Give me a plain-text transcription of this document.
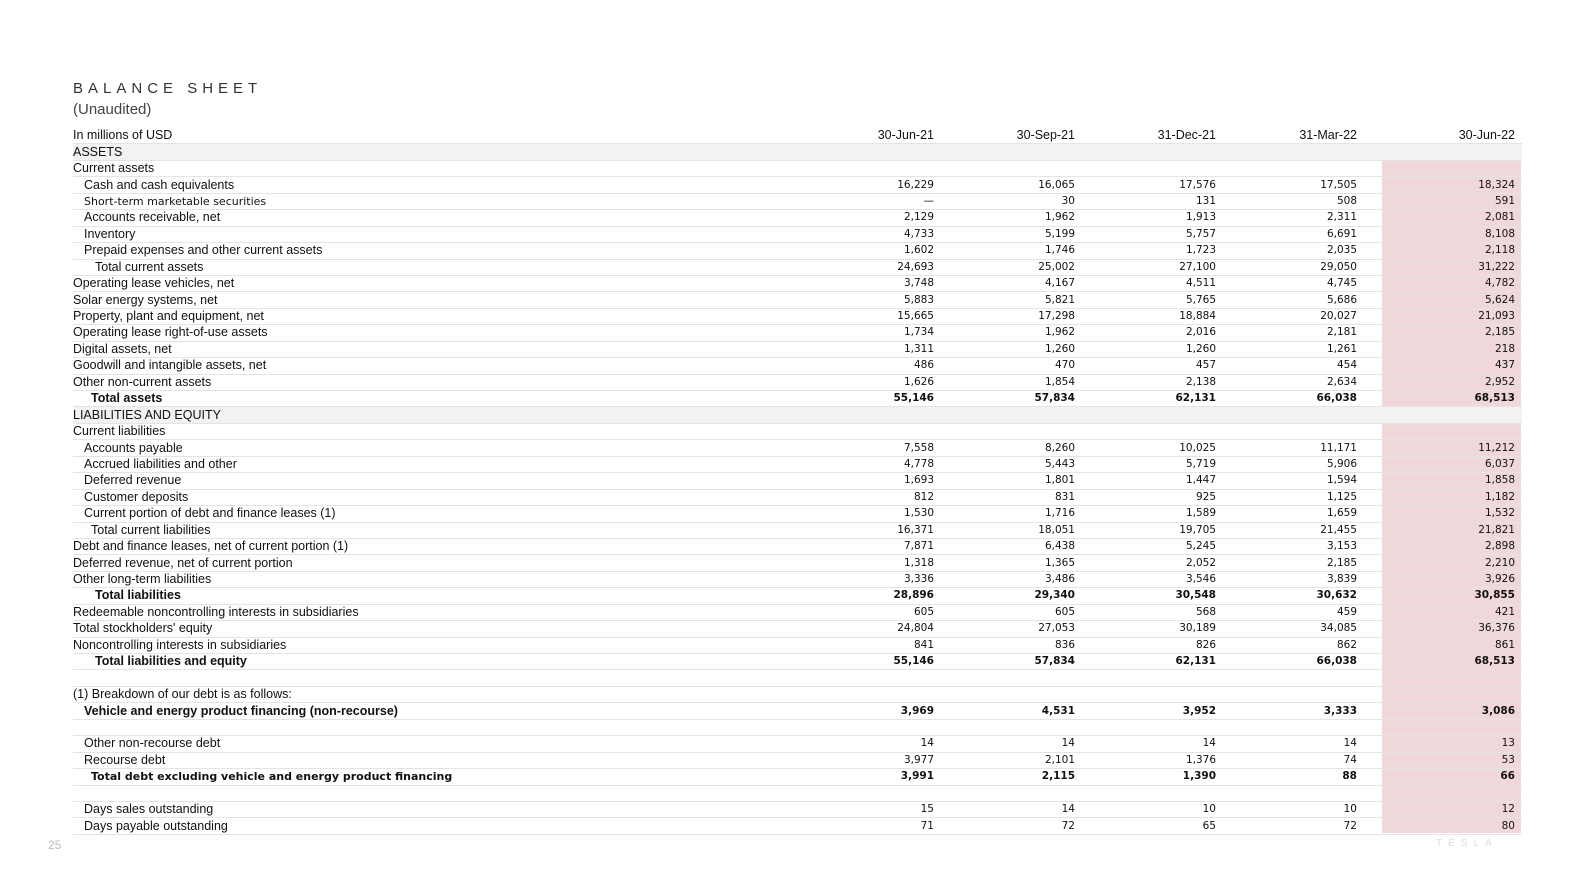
BALANCE SHEET
(Unaudited)
In millions of USD	30-Jun-21	30-Sep-21	31-Dec-21	31-Mar-22	30-Jun-22
ASSETS					
Current assets					
Cash and cash equivalents	16,229	16,065	17,576	17,505	18,324
Short-term marketable securities	—	30	131	508	591
Accounts receivable, net	2,129	1,962	1,913	2,311	2,081
Inventory	4,733	5,199	5,757	6,691	8,108
Prepaid expenses and other current assets	1,602	1,746	1,723	2,035	2,118
Total current assets	24,693	25,002	27,100	29,050	31,222
Operating lease vehicles, net	3,748	4,167	4,511	4,745	4,782
Solar energy systems, net	5,883	5,821	5,765	5,686	5,624
Property, plant and equipment, net	15,665	17,298	18,884	20,027	21,093
Operating lease right-of-use assets	1,734	1,962	2,016	2,181	2,185
Digital assets, net	1,311	1,260	1,260	1,261	218
Goodwill and intangible assets, net	486	470	457	454	437
Other non-current assets	1,626	1,854	2,138	2,634	2,952
Total assets	55,146	57,834	62,131	66,038	68,513
LIABILITIES AND EQUITY					
Current liabilities					
Accounts payable	7,558	8,260	10,025	11,171	11,212
Accrued liabilities and other	4,778	5,443	5,719	5,906	6,037
Deferred revenue	1,693	1,801	1,447	1,594	1,858
Customer deposits	812	831	925	1,125	1,182
Current portion of debt and finance leases (1)	1,530	1,716	1,589	1,659	1,532
Total current liabilities	16,371	18,051	19,705	21,455	21,821
Debt and finance leases, net of current portion (1)	7,871	6,438	5,245	3,153	2,898
Deferred revenue, net of current portion	1,318	1,365	2,052	2,185	2,210
Other long-term liabilities	3,336	3,486	3,546	3,839	3,926
Total liabilities	28,896	29,340	30,548	30,632	30,855
Redeemable noncontrolling interests in subsidiaries	605	605	568	459	421
Total stockholders' equity	24,804	27,053	30,189	34,085	36,376
Noncontrolling interests in subsidiaries	841	836	826	862	861
Total liabilities and equity	55,146	57,834	62,131	66,038	68,513

(1) Breakdown of our debt is as follows:					
Vehicle and energy product financing (non-recourse)	3,969	4,531	3,952	3,333	3,086

Other non-recourse debt	14	14	14	14	13
Recourse debt	3,977	2,101	1,376	74	53
Total debt excluding vehicle and energy product financing	3,991	2,115	1,390	88	66

Days sales outstanding	15	14	10	10	12
Days payable outstanding	71	72	65	72	80
25	TESLA
